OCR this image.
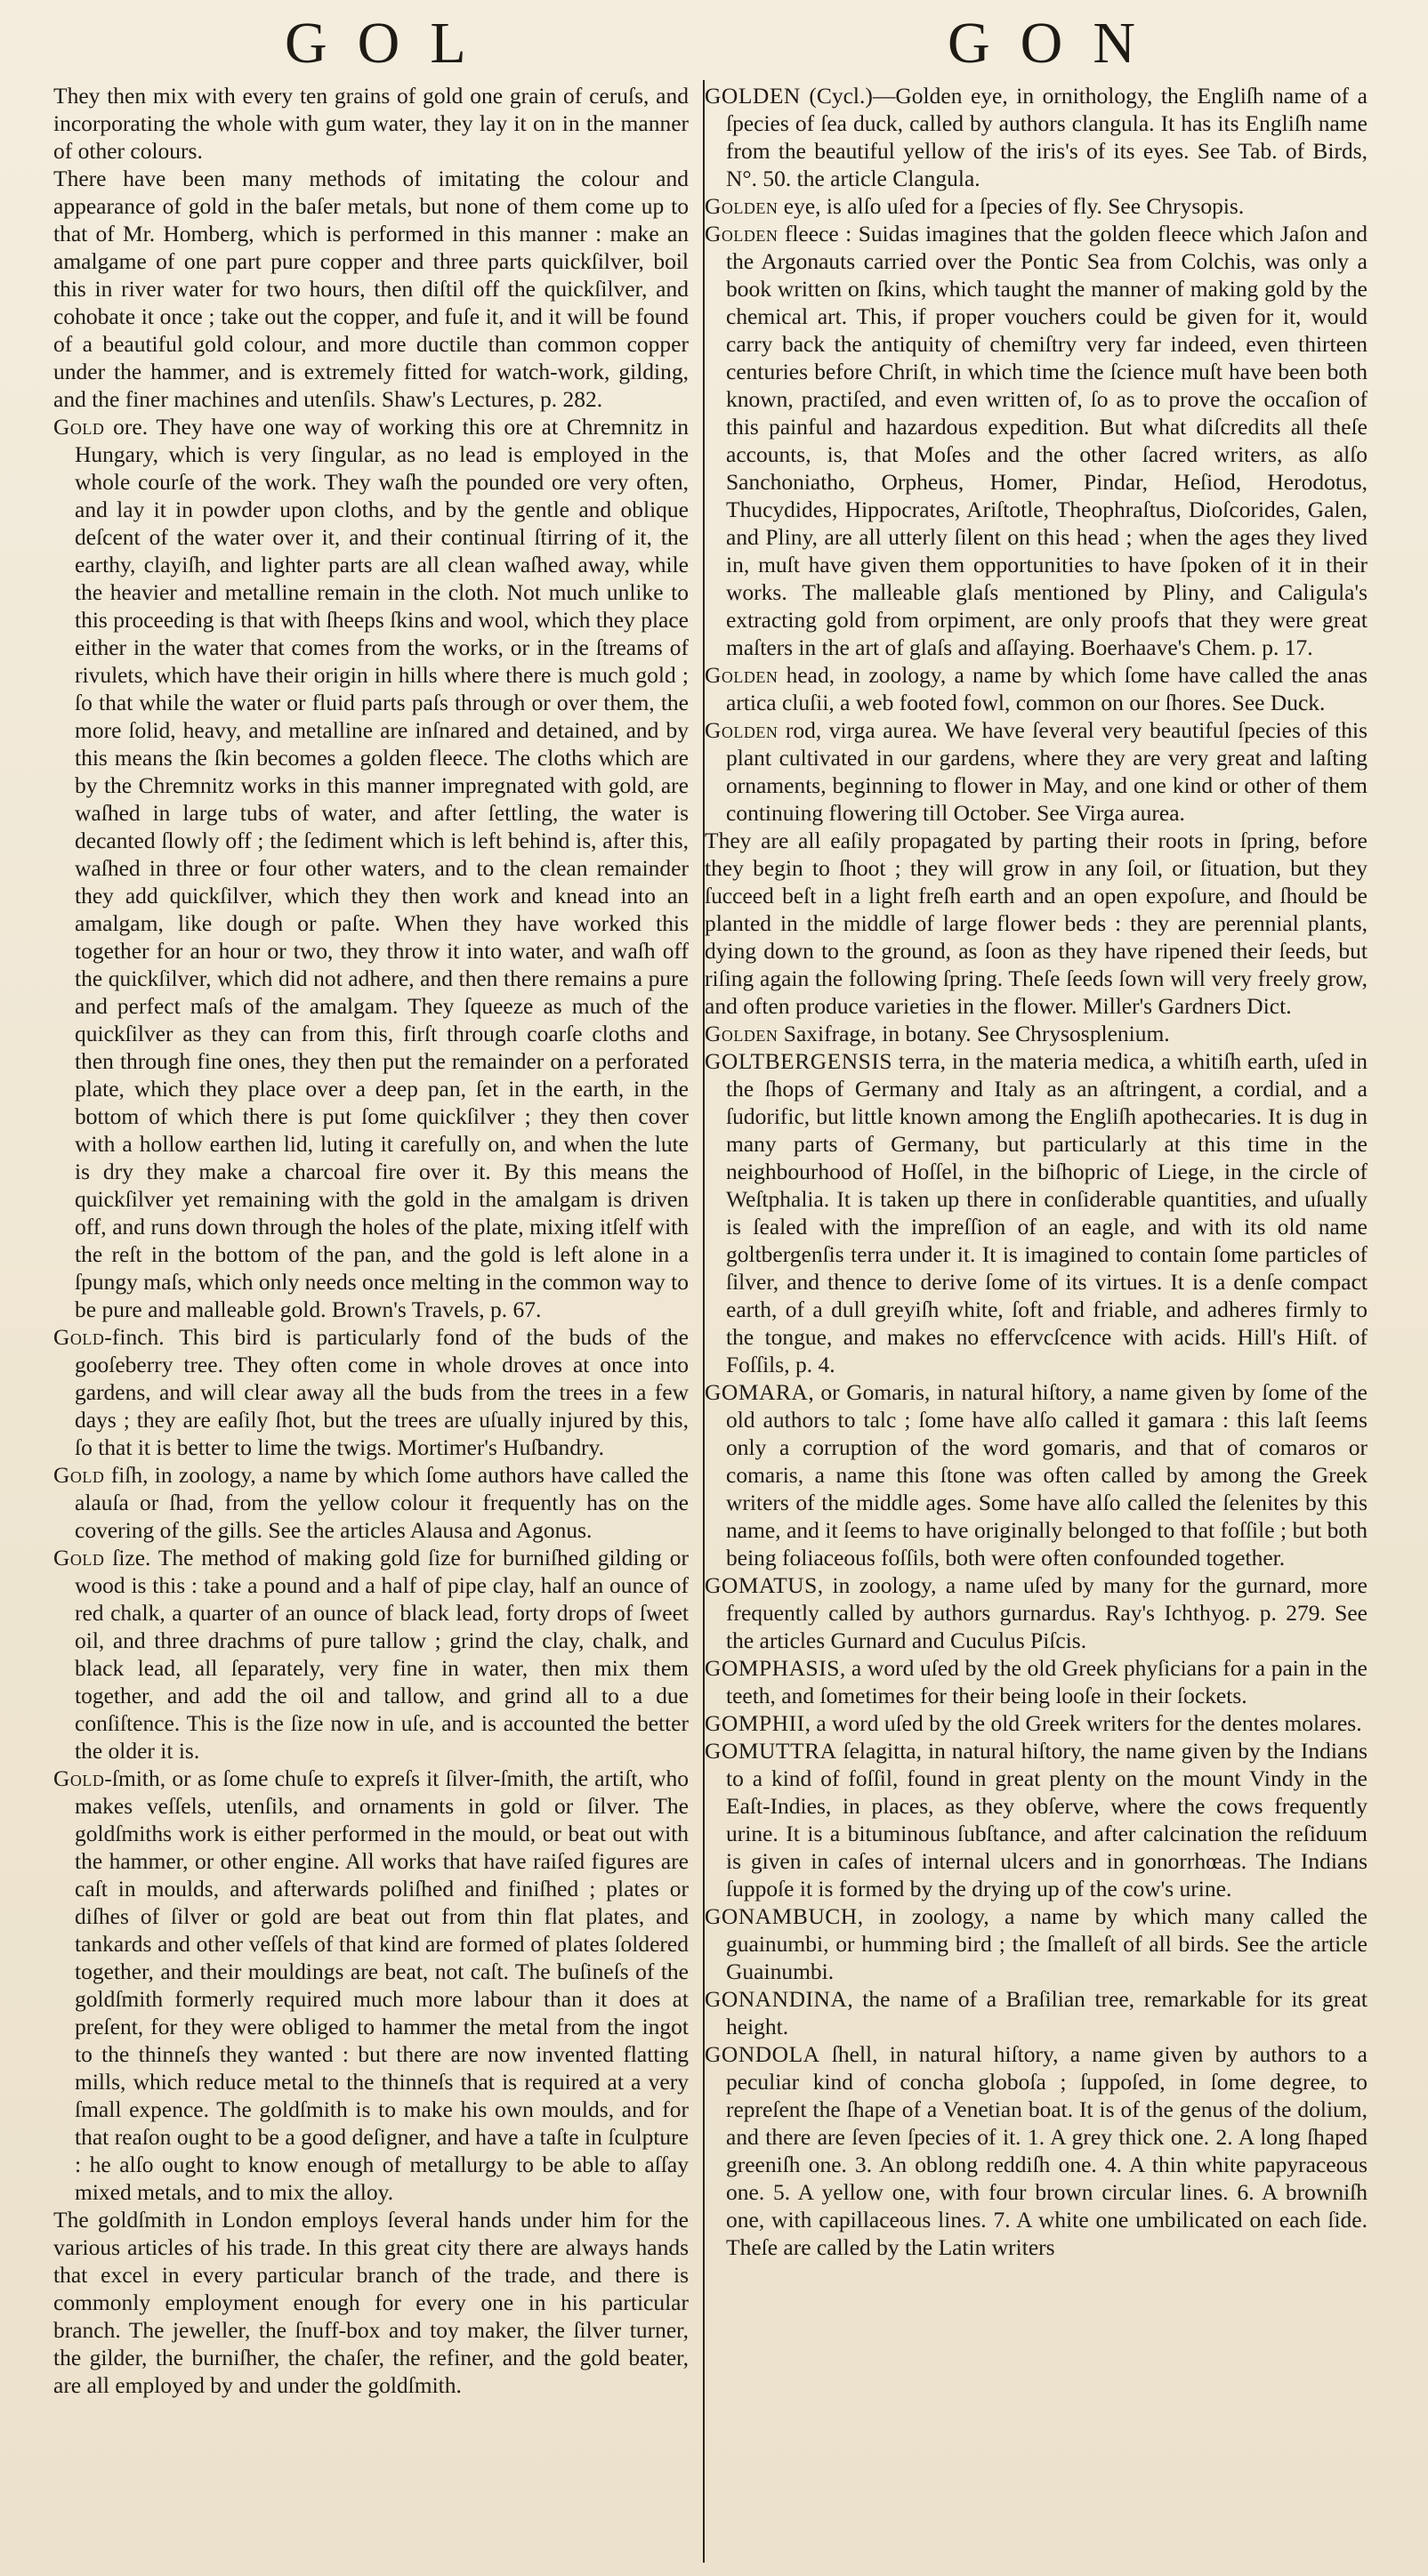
GOL	GON

They then mix with every ten grains of gold one grain of ceruſs, and incorporating the whole with gum water, they lay it on in the manner of other colours.

There have been many methods of imitating the colour and appearance of gold in the baſer metals, but none of them come up to that of Mr. Homberg, which is performed in this manner : make an amalgame of one part pure copper and three parts quickſilver, boil this in river water for two hours, then diſtil off the quickſilver, and cohobate it once ; take out the copper, and fuſe it, and it will be found of a beautiful gold colour, and more ductile than common copper under the hammer, and is extremely fitted for watch-work, gilding, and the finer machines and utenſils. Shaw's Lectures, p. 282.

Gold ore. They have one way of working this ore at Chremnitz in Hungary, which is very ſingular, as no lead is employed in the whole courſe of the work. They waſh the pounded ore very often, and lay it in powder upon cloths, and by the gentle and oblique deſcent of the water over it, and their continual ſtirring of it, the earthy, clayiſh, and lighter parts are all clean waſhed away, while the heavier and metalline remain in the cloth. Not much unlike to this proceeding is that with ſheeps ſkins and wool, which they place either in the water that comes from the works, or in the ſtreams of rivulets, which have their origin in hills where there is much gold ; ſo that while the water or fluid parts paſs through or over them, the more ſolid, heavy, and metalline are inſnared and detained, and by this means the ſkin becomes a golden fleece. The cloths which are by the Chremnitz works in this manner impregnated with gold, are waſhed in large tubs of water, and after ſettling, the water is decanted ſlowly off ; the ſediment which is left behind is, after this, waſhed in three or four other waters, and to the clean remainder they add quickſilver, which they then work and knead into an amalgam, like dough or paſte. When they have worked this together for an hour or two, they throw it into water, and waſh off the quickſilver, which did not adhere, and then there remains a pure and perfect maſs of the amalgam. They ſqueeze as much of the quickſilver as they can from this, firſt through coarſe cloths and then through fine ones, they then put the remainder on a perforated plate, which they place over a deep pan, ſet in the earth, in the bottom of which there is put ſome quickſilver ; they then cover with a hollow earthen lid, luting it carefully on, and when the lute is dry they make a charcoal fire over it. By this means the quickſilver yet remaining with the gold in the amalgam is driven off, and runs down through the holes of the plate, mixing itſelf with the reſt in the bottom of the pan, and the gold is left alone in a ſpungy maſs, which only needs once melting in the common way to be pure and malleable gold. Brown's Travels, p. 67.

Gold-finch. This bird is particularly fond of the buds of the gooſeberry tree. They often come in whole droves at once into gardens, and will clear away all the buds from the trees in a few days ; they are eaſily ſhot, but the trees are uſually injured by this, ſo that it is better to lime the twigs. Mortimer's Huſbandry.

Gold fiſh, in zoology, a name by which ſome authors have called the alauſa or ſhad, from the yellow colour it frequently has on the covering of the gills. See the articles Alausa and Agonus.

Gold ſize. The method of making gold ſize for burniſhed gilding or wood is this : take a pound and a half of pipe clay, half an ounce of red chalk, a quarter of an ounce of black lead, forty drops of ſweet oil, and three drachms of pure tallow ; grind the clay, chalk, and black lead, all ſeparately, very fine in water, then mix them together, and add the oil and tallow, and grind all to a due conſiſtence. This is the ſize now in uſe, and is accounted the better the older it is.

Gold-ſmith, or as ſome chuſe to expreſs it ſilver-ſmith, the artiſt, who makes veſſels, utenſils, and ornaments in gold or ſilver. The goldſmiths work is either performed in the mould, or beat out with the hammer, or other engine. All works that have raiſed figures are caſt in moulds, and afterwards poliſhed and finiſhed ; plates or diſhes of ſilver or gold are beat out from thin flat plates, and tankards and other veſſels of that kind are formed of plates ſoldered together, and their mouldings are beat, not caſt. The buſineſs of the goldſmith formerly required much more labour than it does at preſent, for they were obliged to hammer the metal from the ingot to the thinneſs they wanted : but there are now invented flatting mills, which reduce metal to the thinneſs that is required at a very ſmall expence. The goldſmith is to make his own moulds, and for that reaſon ought to be a good deſigner, and have a taſte in ſculpture : he alſo ought to know enough of metallurgy to be able to aſſay mixed metals, and to mix the alloy.

The goldſmith in London employs ſeveral hands under him for the various articles of his trade. In this great city there are always hands that excel in every particular branch of the trade, and there is commonly employment enough for every one in his particular branch. The jeweller, the ſnuff-box and toy maker, the ſilver turner, the gilder, the burniſher, the chaſer, the refiner, and the gold beater, are all employed by and under the goldſmith.

GOLDEN (Cycl.)—Golden eye, in ornithology, the Engliſh name of a ſpecies of ſea duck, called by authors clangula. It has its Engliſh name from the beautiful yellow of the iris's of its eyes. See Tab. of Birds, N°. 50. the article Clangula.

Golden eye, is alſo uſed for a ſpecies of fly. See Chrysopis.

Golden fleece : Suidas imagines that the golden fleece which Jaſon and the Argonauts carried over the Pontic Sea from Colchis, was only a book written on ſkins, which taught the manner of making gold by the chemical art. This, if proper vouchers could be given for it, would carry back the antiquity of chemiſtry very far indeed, even thirteen centuries before Chriſt, in which time the ſcience muſt have been both known, practiſed, and even written of, ſo as to prove the occaſion of this painful and hazardous expedition. But what diſcredits all theſe accounts, is, that Moſes and the other ſacred writers, as alſo Sanchoniatho, Orpheus, Homer, Pindar, Heſiod, Herodotus, Thucydides, Hippocrates, Ariſtotle, Theophraſtus, Dioſcorides, Galen, and Pliny, are all utterly ſilent on this head ; when the ages they lived in, muſt have given them opportunities to have ſpoken of it in their works. The malleable glaſs mentioned by Pliny, and Caligula's extracting gold from orpiment, are only proofs that they were great maſters in the art of glaſs and aſſaying. Boerhaave's Chem. p. 17.

Golden head, in zoology, a name by which ſome have called the anas artica cluſii, a web footed fowl, common on our ſhores. See Duck.

Golden rod, virga aurea. We have ſeveral very beautiful ſpecies of this plant cultivated in our gardens, where they are very great and laſting ornaments, beginning to flower in May, and one kind or other of them continuing flowering till October. See Virga aurea.

They are all eaſily propagated by parting their roots in ſpring, before they begin to ſhoot ; they will grow in any ſoil, or ſituation, but they ſucceed beſt in a light freſh earth and an open expoſure, and ſhould be planted in the middle of large flower beds : they are perennial plants, dying down to the ground, as ſoon as they have ripened their ſeeds, but riſing again the following ſpring. Theſe ſeeds ſown will very freely grow, and often produce varieties in the flower. Miller's Gardners Dict.

Golden Saxifrage, in botany. See Chrysosplenium.

GOLTBERGENSIS terra, in the materia medica, a whitiſh earth, uſed in the ſhops of Germany and Italy as an aſtringent, a cordial, and a ſudorific, but little known among the Engliſh apothecaries. It is dug in many parts of Germany, but particularly at this time in the neighbourhood of Hoſſel, in the biſhopric of Liege, in the circle of Weſtphalia. It is taken up there in conſiderable quantities, and uſually is ſealed with the impreſſion of an eagle, and with its old name goltbergenſis terra under it. It is imagined to contain ſome particles of ſilver, and thence to derive ſome of its virtues. It is a denſe compact earth, of a dull greyiſh white, ſoft and friable, and adheres firmly to the tongue, and makes no effervcſcence with acids. Hill's Hiſt. of Foſſils, p. 4.

GOMARA, or Gomaris, in natural hiſtory, a name given by ſome of the old authors to talc ; ſome have alſo called it gamara : this laſt ſeems only a corruption of the word gomaris, and that of comaros or comaris, a name this ſtone was often called by among the Greek writers of the middle ages. Some have alſo called the ſelenites by this name, and it ſeems to have originally belonged to that foſſile ; but both being foliaceous foſſils, both were often confounded together.

GOMATUS, in zoology, a name uſed by many for the gurnard, more frequently called by authors gurnardus. Ray's Ichthyog. p. 279. See the articles Gurnard and Cuculus Piſcis.

GOMPHASIS, a word uſed by the old Greek phyſicians for a pain in the teeth, and ſometimes for their being looſe in their ſockets.

GOMPHII, a word uſed by the old Greek writers for the dentes molares.

GOMUTTRA ſelagitta, in natural hiſtory, the name given by the Indians to a kind of foſſil, found in great plenty on the mount Vindy in the Eaſt-Indies, in places, as they obſerve, where the cows frequently urine. It is a bituminous ſubſtance, and after calcination the reſiduum is given in caſes of internal ulcers and in gonorrhœas. The Indians ſuppoſe it is formed by the drying up of the cow's urine.

GONAMBUCH, in zoology, a name by which many called the guainumbi, or humming bird ; the ſmalleſt of all birds. See the article Guainumbi.

GONANDINA, the name of a Braſilian tree, remarkable for its great height.

GONDOLA ſhell, in natural hiſtory, a name given by authors to a peculiar kind of concha globoſa ; ſuppoſed, in ſome degree, to repreſent the ſhape of a Venetian boat. It is of the genus of the dolium, and there are ſeven ſpecies of it. 1. A grey thick one. 2. A long ſhaped greeniſh one. 3. An oblong reddiſh one. 4. A thin white papyraceous one. 5. A yellow one, with four brown circular lines. 6. A browniſh one, with capillaceous lines. 7. A white one umbilicated on each ſide. Theſe are called by the Latin writers
